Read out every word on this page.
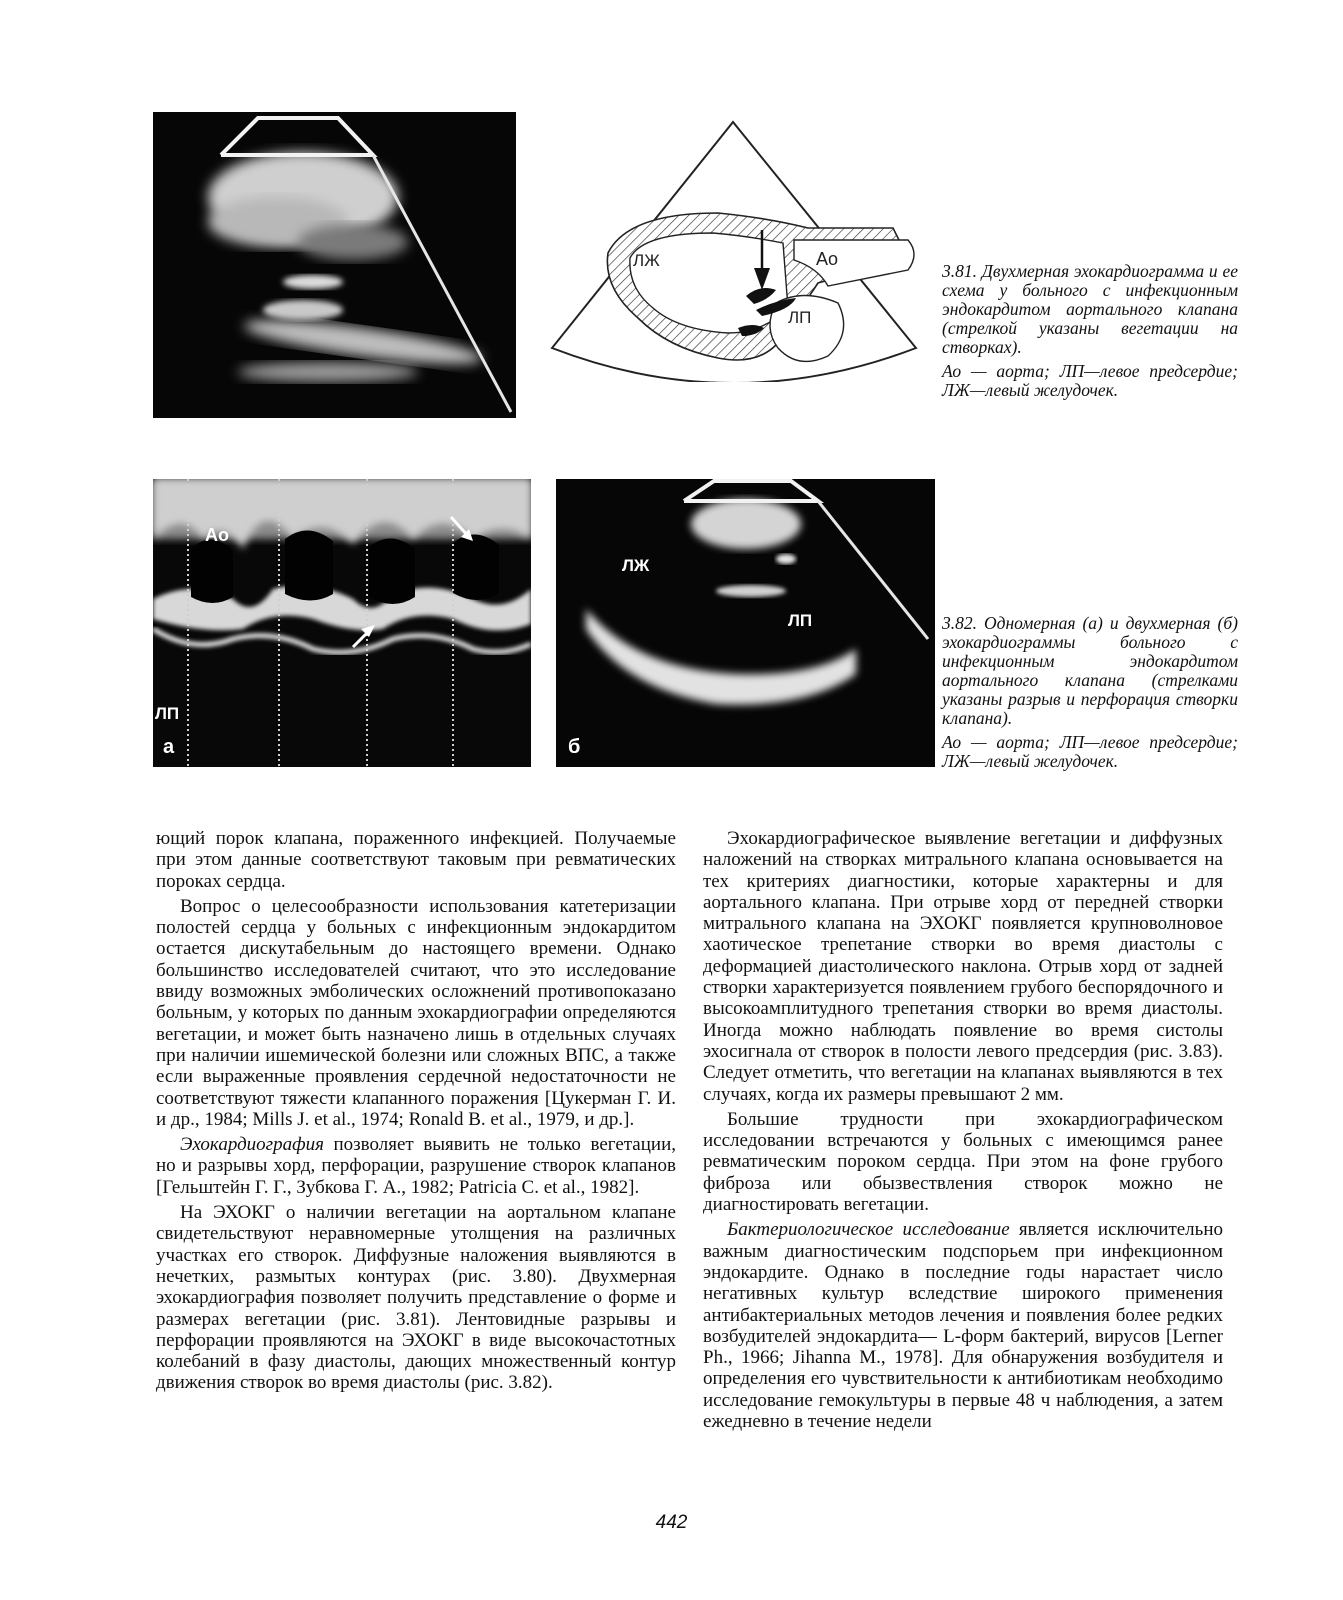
ЛЖ	Ао
ЛП

3.81. Двухмерная эхокардиограмма и ее схема у больного с инфекционным эндокардитом аортального клапана (стрелкой указаны вегетации на створках).

Ао — аорта; ЛП—левое предсердие; ЛЖ—левый желудочек.

Ао
ЛП
а
ЛЖ
ЛП
б

3.82. Одномерная (а) и двухмерная (б) эхокардиограммы больного с инфекционным эндокардитом аортального клапана (стрелками указаны разрыв и перфорация створки клапана).

Ао — аорта; ЛП—левое предсердие; ЛЖ—левый желудочек.

ющий порок клапана, пораженного инфекцией. Получаемые при этом данные соответствуют таковым при ревматических пороках сердца.

Вопрос о целесообразности использования катетеризации полостей сердца у больных с инфекционным эндокардитом остается дискутабельным до настоящего времени. Однако большинство исследователей считают, что это исследование ввиду возможных эмболических осложнений противопоказано больным, у которых по данным эхокардиографии определяются вегетации, и может быть назначено лишь в отдельных случаях при наличии ишемической болезни или сложных ВПС, а также если выраженные проявления сердечной недостаточности не соответствуют тяжести клапанного поражения [Цукерман Г. И. и др., 1984; Mills J. et al., 1974; Ronald В. et al., 1979, и др.].

Эхокардиография позволяет выявить не только вегетации, но и разрывы хорд, перфорации, разрушение створок клапанов [Гельштейн Г. Г., Зубкова Г. А., 1982; Patricia С. et al., 1982].

На ЭХОКГ о наличии вегетации на аортальном клапане свидетельствуют неравномерные утолщения на различных участках его створок. Диффузные наложения выявляются в нечетких, размытых контурах (рис. 3.80). Двухмерная эхокардиография позволяет получить представление о форме и размерах вегетации (рис. 3.81). Лентовидные разрывы и перфорации проявляются на ЭХОКГ в виде высокочастотных колебаний в фазу диастолы, дающих множественный контур движения створок во время диастолы (рис. 3.82).

Эхокардиографическое выявление вегетации и диффузных наложений на створках митрального клапана основывается на тех критериях диагностики, которые характерны и для аортального клапана. При отрыве хорд от передней створки митрального клапана на ЭХОКГ появляется крупноволновое хаотическое трепетание створки во время диастолы с деформацией диастолического наклона. Отрыв хорд от задней створки характеризуется появлением грубого беспорядочного и высокоамплитудного трепетания створки во время диастолы. Иногда можно наблюдать появление во время систолы эхосигнала от створок в полости левого предсердия (рис. 3.83). Следует отметить, что вегетации на клапанах выявляются в тех случаях, когда их размеры превышают 2 мм.

Большие трудности при эхокардиографическом исследовании встречаются у больных с имеющимся ранее ревматическим пороком сердца. При этом на фоне грубого фиброза или обызвествления створок можно не диагностировать вегетации.

Бактериологическое исследование является исключительно важным диагностическим подспорьем при инфекционном эндокардите. Однако в последние годы нарастает число негативных культур вследствие широкого применения антибактериальных методов лечения и появления более редких возбудителей эндокардита— L-форм бактерий, вирусов [Lerner Ph., 1966; Jihanna M., 1978]. Для обнаружения возбудителя и определения его чувствительности к антибиотикам необходимо исследование гемокультуры в первые 48 ч наблюдения, а затем ежедневно в течение недели

442
